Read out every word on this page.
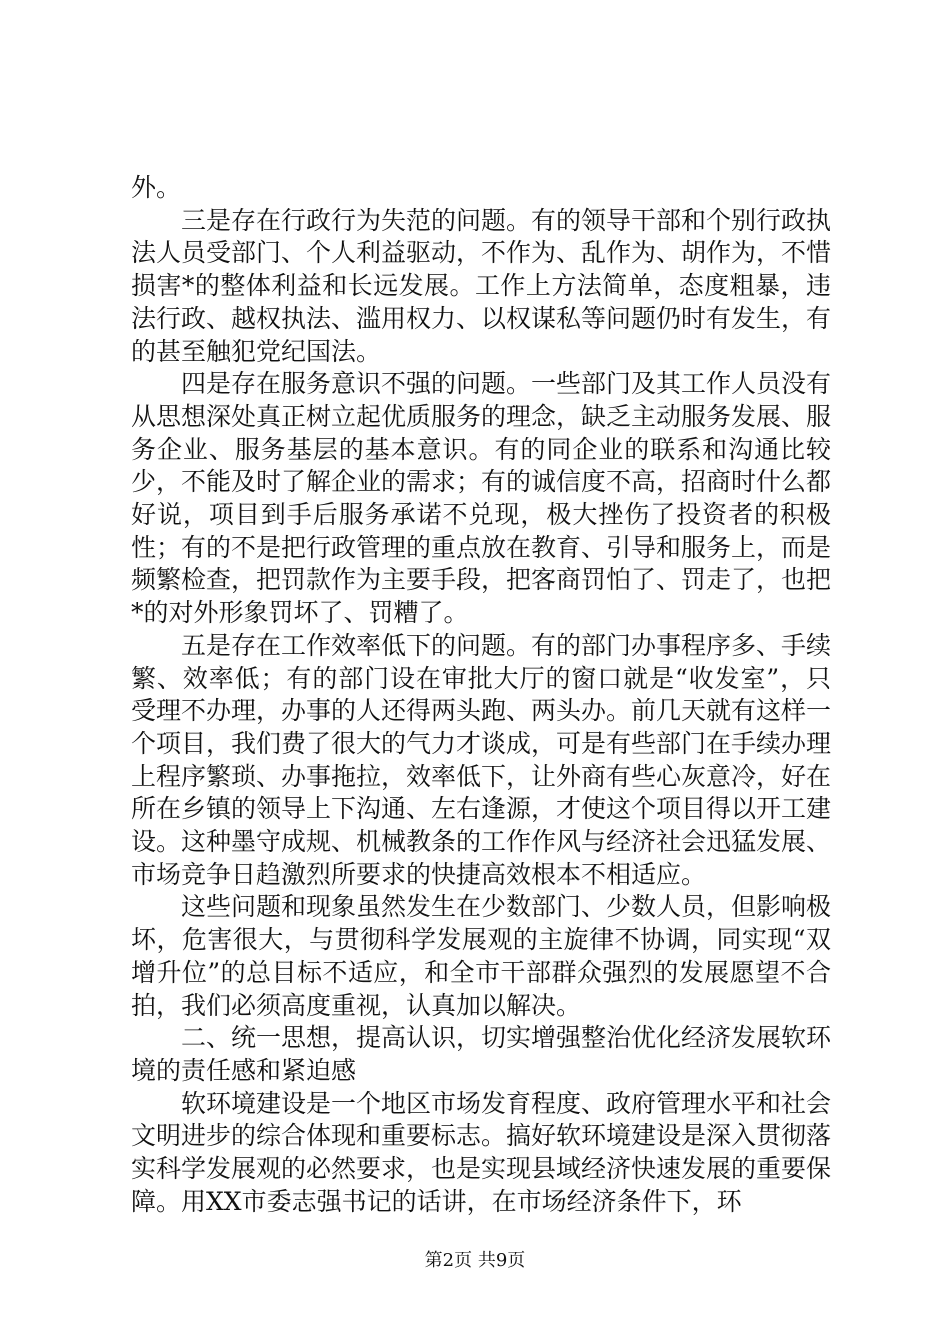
外。

三是存在行政行为失范的问题。有的领导干部和个别行政执法人员受部门、个人利益驱动，不作为、乱作为、胡作为，不惜损害*的整体利益和长远发展。工作上方法简单，态度粗暴，违法行政、越权执法、滥用权力、以权谋私等问题仍时有发生，有的甚至触犯党纪国法。

四是存在服务意识不强的问题。一些部门及其工作人员没有从思想深处真正树立起优质服务的理念，缺乏主动服务发展、服务企业、服务基层的基本意识。有的同企业的联系和沟通比较少，不能及时了解企业的需求；有的诚信度不高，招商时什么都好说，项目到手后服务承诺不兑现，极大挫伤了投资者的积极性；有的不是把行政管理的重点放在教育、引导和服务上，而是频繁检查，把罚款作为主要手段，把客商罚怕了、罚走了，也把*的对外形象罚坏了、罚糟了。

五是存在工作效率低下的问题。有的部门办事程序多、手续繁、效率低；有的部门设在审批大厅的窗口就是“收发室”，只受理不办理，办事的人还得两头跑、两头办。前几天就有这样一个项目，我们费了很大的气力才谈成，可是有些部门在手续办理上程序繁琐、办事拖拉，效率低下，让外商有些心灰意冷，好在所在乡镇的领导上下沟通、左右逢源，才使这个项目得以开工建设。这种墨守成规、机械教条的工作作风与经济社会迅猛发展、市场竞争日趋激烈所要求的快捷高效根本不相适应。

这些问题和现象虽然发生在少数部门、少数人员，但影响极坏，危害很大，与贯彻科学发展观的主旋律不协调，同实现“双增升位”的总目标不适应，和全市干部群众强烈的发展愿望不合拍，我们必须高度重视，认真加以解决。

二、统一思想，提高认识，切实增强整治优化经济发展软环境的责任感和紧迫感

软环境建设是一个地区市场发育程度、政府管理水平和社会文明进步的综合体现和重要标志。搞好软环境建设是深入贯彻落实科学发展观的必然要求，也是实现县域经济快速发展的重要保障。用XX市委志强书记的话讲，在市场经济条件下，环

第2页 共9页
